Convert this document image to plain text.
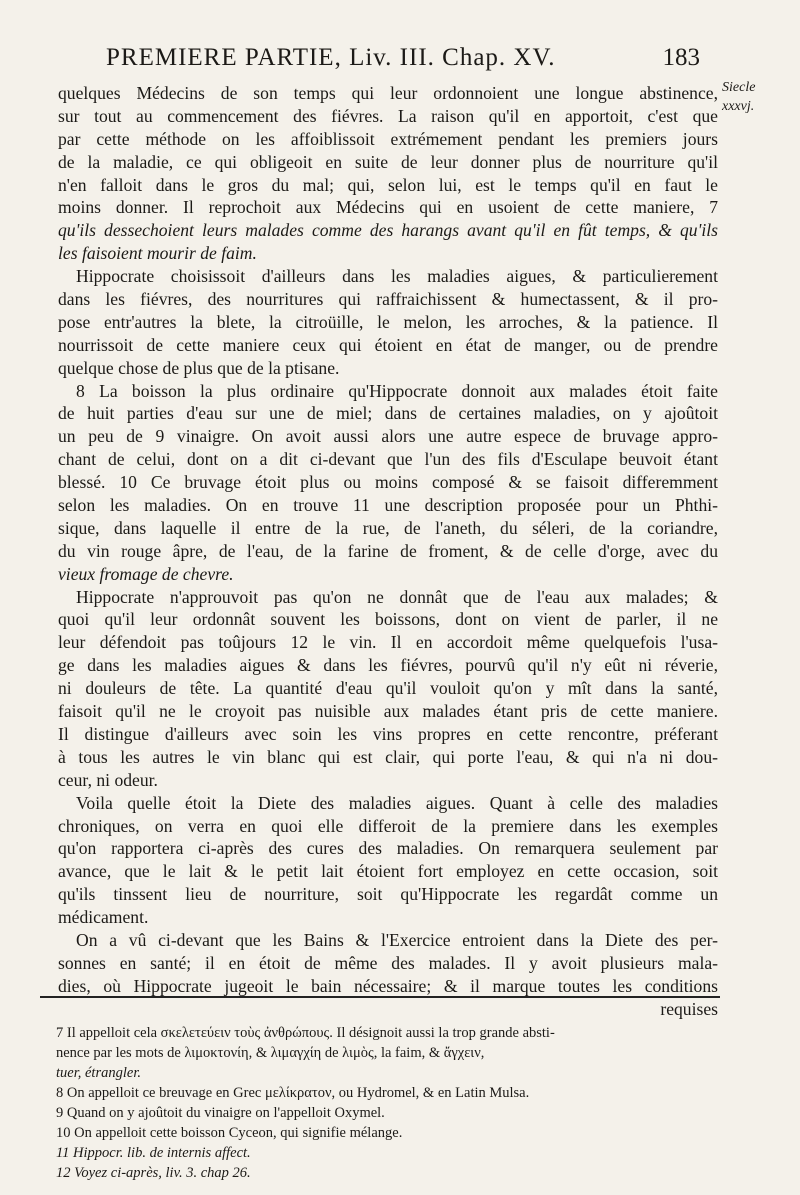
PREMIERE PARTIE, Liv. III. Chap. XV.	183
Siecle
xxxvj.
quelques Médecins de son temps qui leur ordonnoient une longue abstinence,
sur tout au commencement des fiévres. La raison qu'il en apportoit, c'est que
par cette méthode on les affoiblissoit extrémement pendant les premiers jours
de la maladie, ce qui obligeoit en suite de leur donner plus de nourriture qu'il
n'en falloit dans le gros du mal; qui, selon lui, est le temps qu'il en faut le
moins donner. Il reprochoit aux Médecins qui en usoient de cette maniere, 7
qu'ils dessechoient leurs malades comme des harangs avant qu'il en fût temps, & qu'ils
les faisoient mourir de faim.
Hippocrate choisissoit d'ailleurs dans les maladies aigues, & particulierement
dans les fiévres, des nourritures qui raffraichissent & humectassent, & il pro-
pose entr'autres la blete, la citroüille, le melon, les arroches, & la patience. Il
nourrissoit de cette maniere ceux qui étoient en état de manger, ou de prendre
quelque chose de plus que de la ptisane.
8 La boisson la plus ordinaire qu'Hippocrate donnoit aux malades étoit faite
de huit parties d'eau sur une de miel; dans de certaines maladies, on y ajoûtoit
un peu de 9 vinaigre. On avoit aussi alors une autre espece de bruvage appro-
chant de celui, dont on a dit ci-devant que l'un des fils d'Esculape beuvoit étant
blessé. 10 Ce bruvage étoit plus ou moins composé & se faisoit differemment
selon les maladies. On en trouve 11 une description proposée pour un Phthi-
sique, dans laquelle il entre de la rue, de l'aneth, du séleri, de la coriandre,
du vin rouge âpre, de l'eau, de la farine de froment, & de celle d'orge, avec du
vieux fromage de chevre.
Hippocrate n'approuvoit pas qu'on ne donnât que de l'eau aux malades; &
quoi qu'il leur ordonnât souvent les boissons, dont on vient de parler, il ne
leur défendoit pas toûjours 12 le vin. Il en accordoit même quelquefois l'usa-
ge dans les maladies aigues & dans les fiévres, pourvû qu'il n'y eût ni réverie,
ni douleurs de tête. La quantité d'eau qu'il vouloit qu'on y mît dans la santé,
faisoit qu'il ne le croyoit pas nuisible aux malades étant pris de cette maniere.
Il distingue d'ailleurs avec soin les vins propres en cette rencontre, préferant
à tous les autres le vin blanc qui est clair, qui porte l'eau, & qui n'a ni dou-
ceur, ni odeur.
Voila quelle étoit la Diete des maladies aigues. Quant à celle des maladies
chroniques, on verra en quoi elle differoit de la premiere dans les exemples
qu'on rapportera ci-après des cures des maladies. On remarquera seulement par
avance, que le lait & le petit lait étoient fort employez en cette occasion, soit
qu'ils tinssent lieu de nourriture, soit qu'Hippocrate les regardât comme un
médicament.
On a vû ci-devant que les Bains & l'Exercice entroient dans la Diete des per-
sonnes en santé; il en étoit de même des malades. Il y avoit plusieurs mala-
dies, où Hippocrate jugeoit le bain nécessaire; & il marque toutes les conditions
requises
7 Il appelloit cela σκελετεύειν τοὺς ἀνθρώπους. Il désignoit aussi la trop grande absti-
nence par les mots de λιμοκτονίη, & λιμαγχίη de λιμὸς, la faim, & ἄγχειν,
tuer, étrangler.
8 On appelloit ce breuvage en Grec μελίκρατον, ou Hydromel, & en Latin Mulsa.
9 Quand on y ajoûtoit du vinaigre on l'appelloit Oxymel.
10 On appelloit cette boisson Cyceon, qui signifie mélange.
11 Hippocr. lib. de internis affect.
12 Voyez ci-après, liv. 3. chap 26.
